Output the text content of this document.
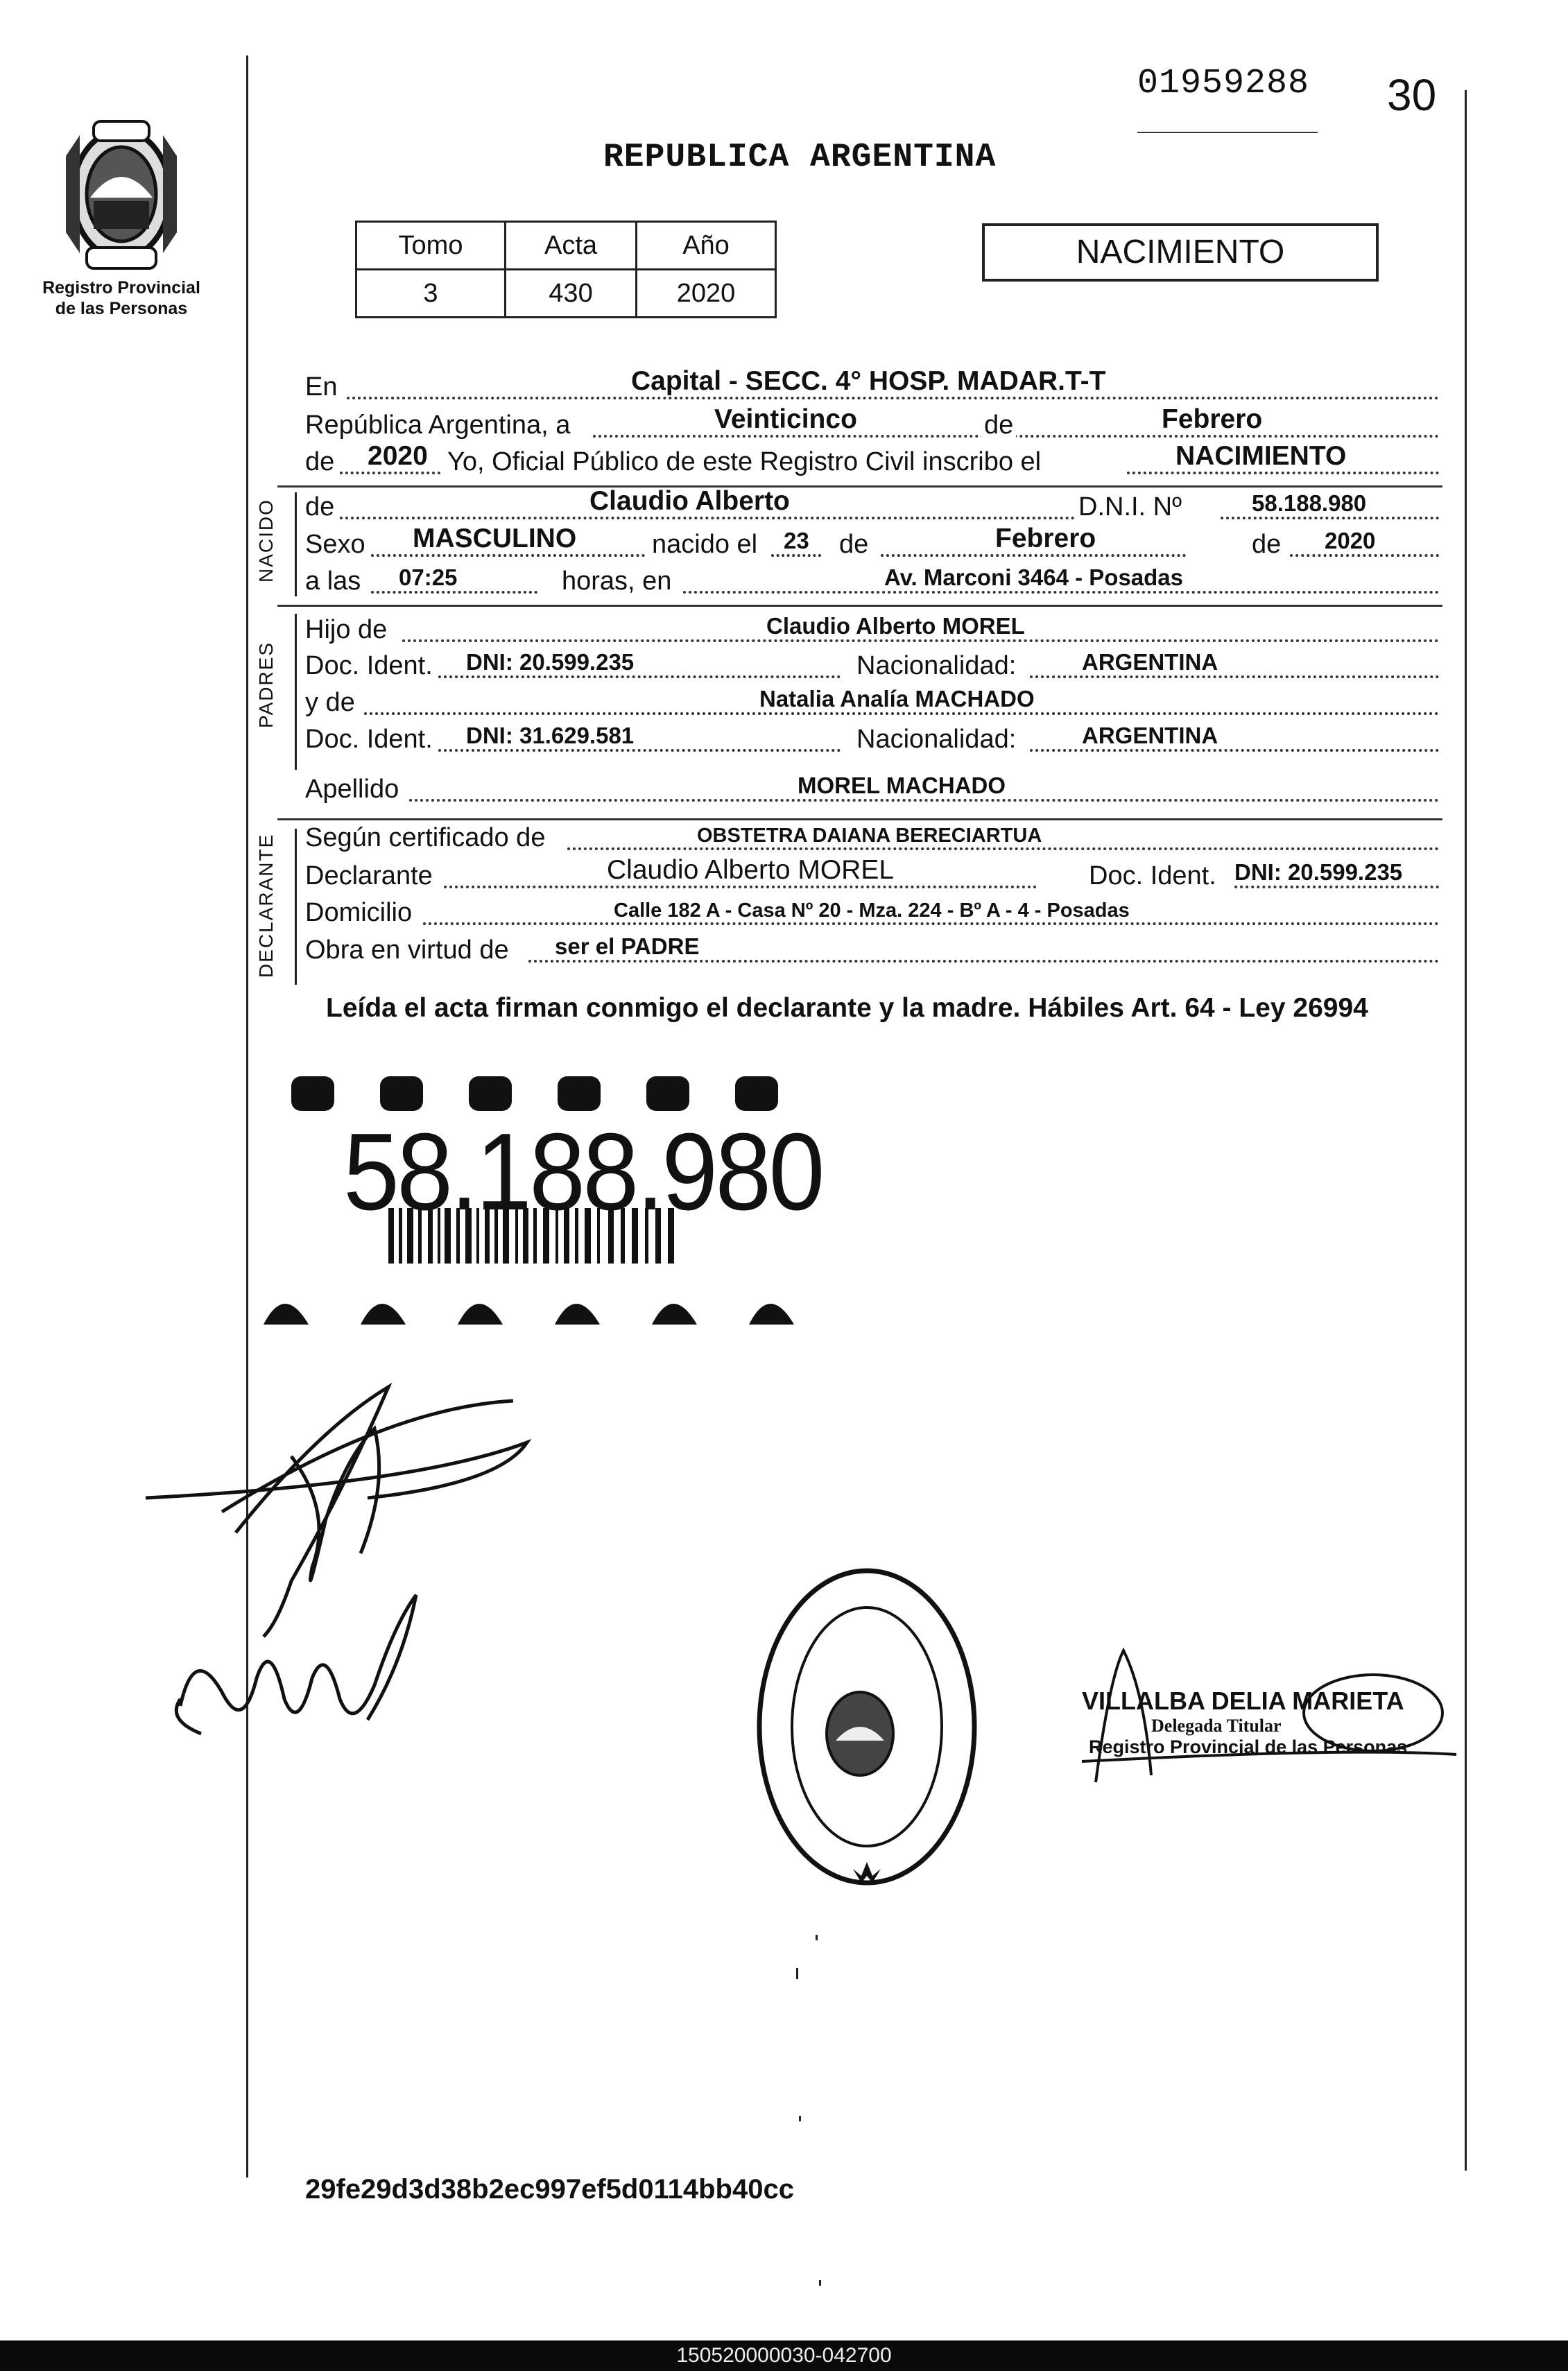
Registro Provincial
de las Personas
01959288 30
REPUBLICA ARGENTINA
Tomo	Acta	Año
3	430	2020
NACIMIENTO
En	Capital - SECC. 4° HOSP. MADAR.T-T
República Argentina, a	Veinticinco	de	Febrero
de 2020 Yo, Oficial Público de este Registro Civil inscribo el	NACIMIENTO
NACIDO de	Claudio Alberto	D.N.I. Nº	58.188.980
Sexo MASCULINO	nacido el 23 de	Febrero	de 2020
a las 07:25	horas, en	Av. Marconi 3464 - Posadas
PADRES
Hijo de	Claudio Alberto MOREL
Doc. Ident. DNI: 20.599.235	Nacionalidad:	ARGENTINA
y de	Natalia Analía MACHADO
Doc. Ident. DNI: 31.629.581	Nacionalidad:	ARGENTINA
Apellido	MOREL MACHADO
DECLARANTE Según certificado de	OBSTETRA DAIANA BERECIARTUA
Declarante	Claudio Alberto MOREL	Doc. Ident. DNI: 20.599.235
Domicilio	Calle 182 A - Casa Nº 20 - Mza. 224 - Bº A - 4 - Posadas
Obra en virtud de ser el PADRE
Leída el acta firman conmigo el declarante y la madre. Hábiles Art. 64 - Ley 26994
58.188.980
VILLALBA DELIA MARIETA
Delegada Titular
Registro Provincial de las Personas
29fe29d3d38b2ec997ef5d0114bb40cc
150520000030-042700
